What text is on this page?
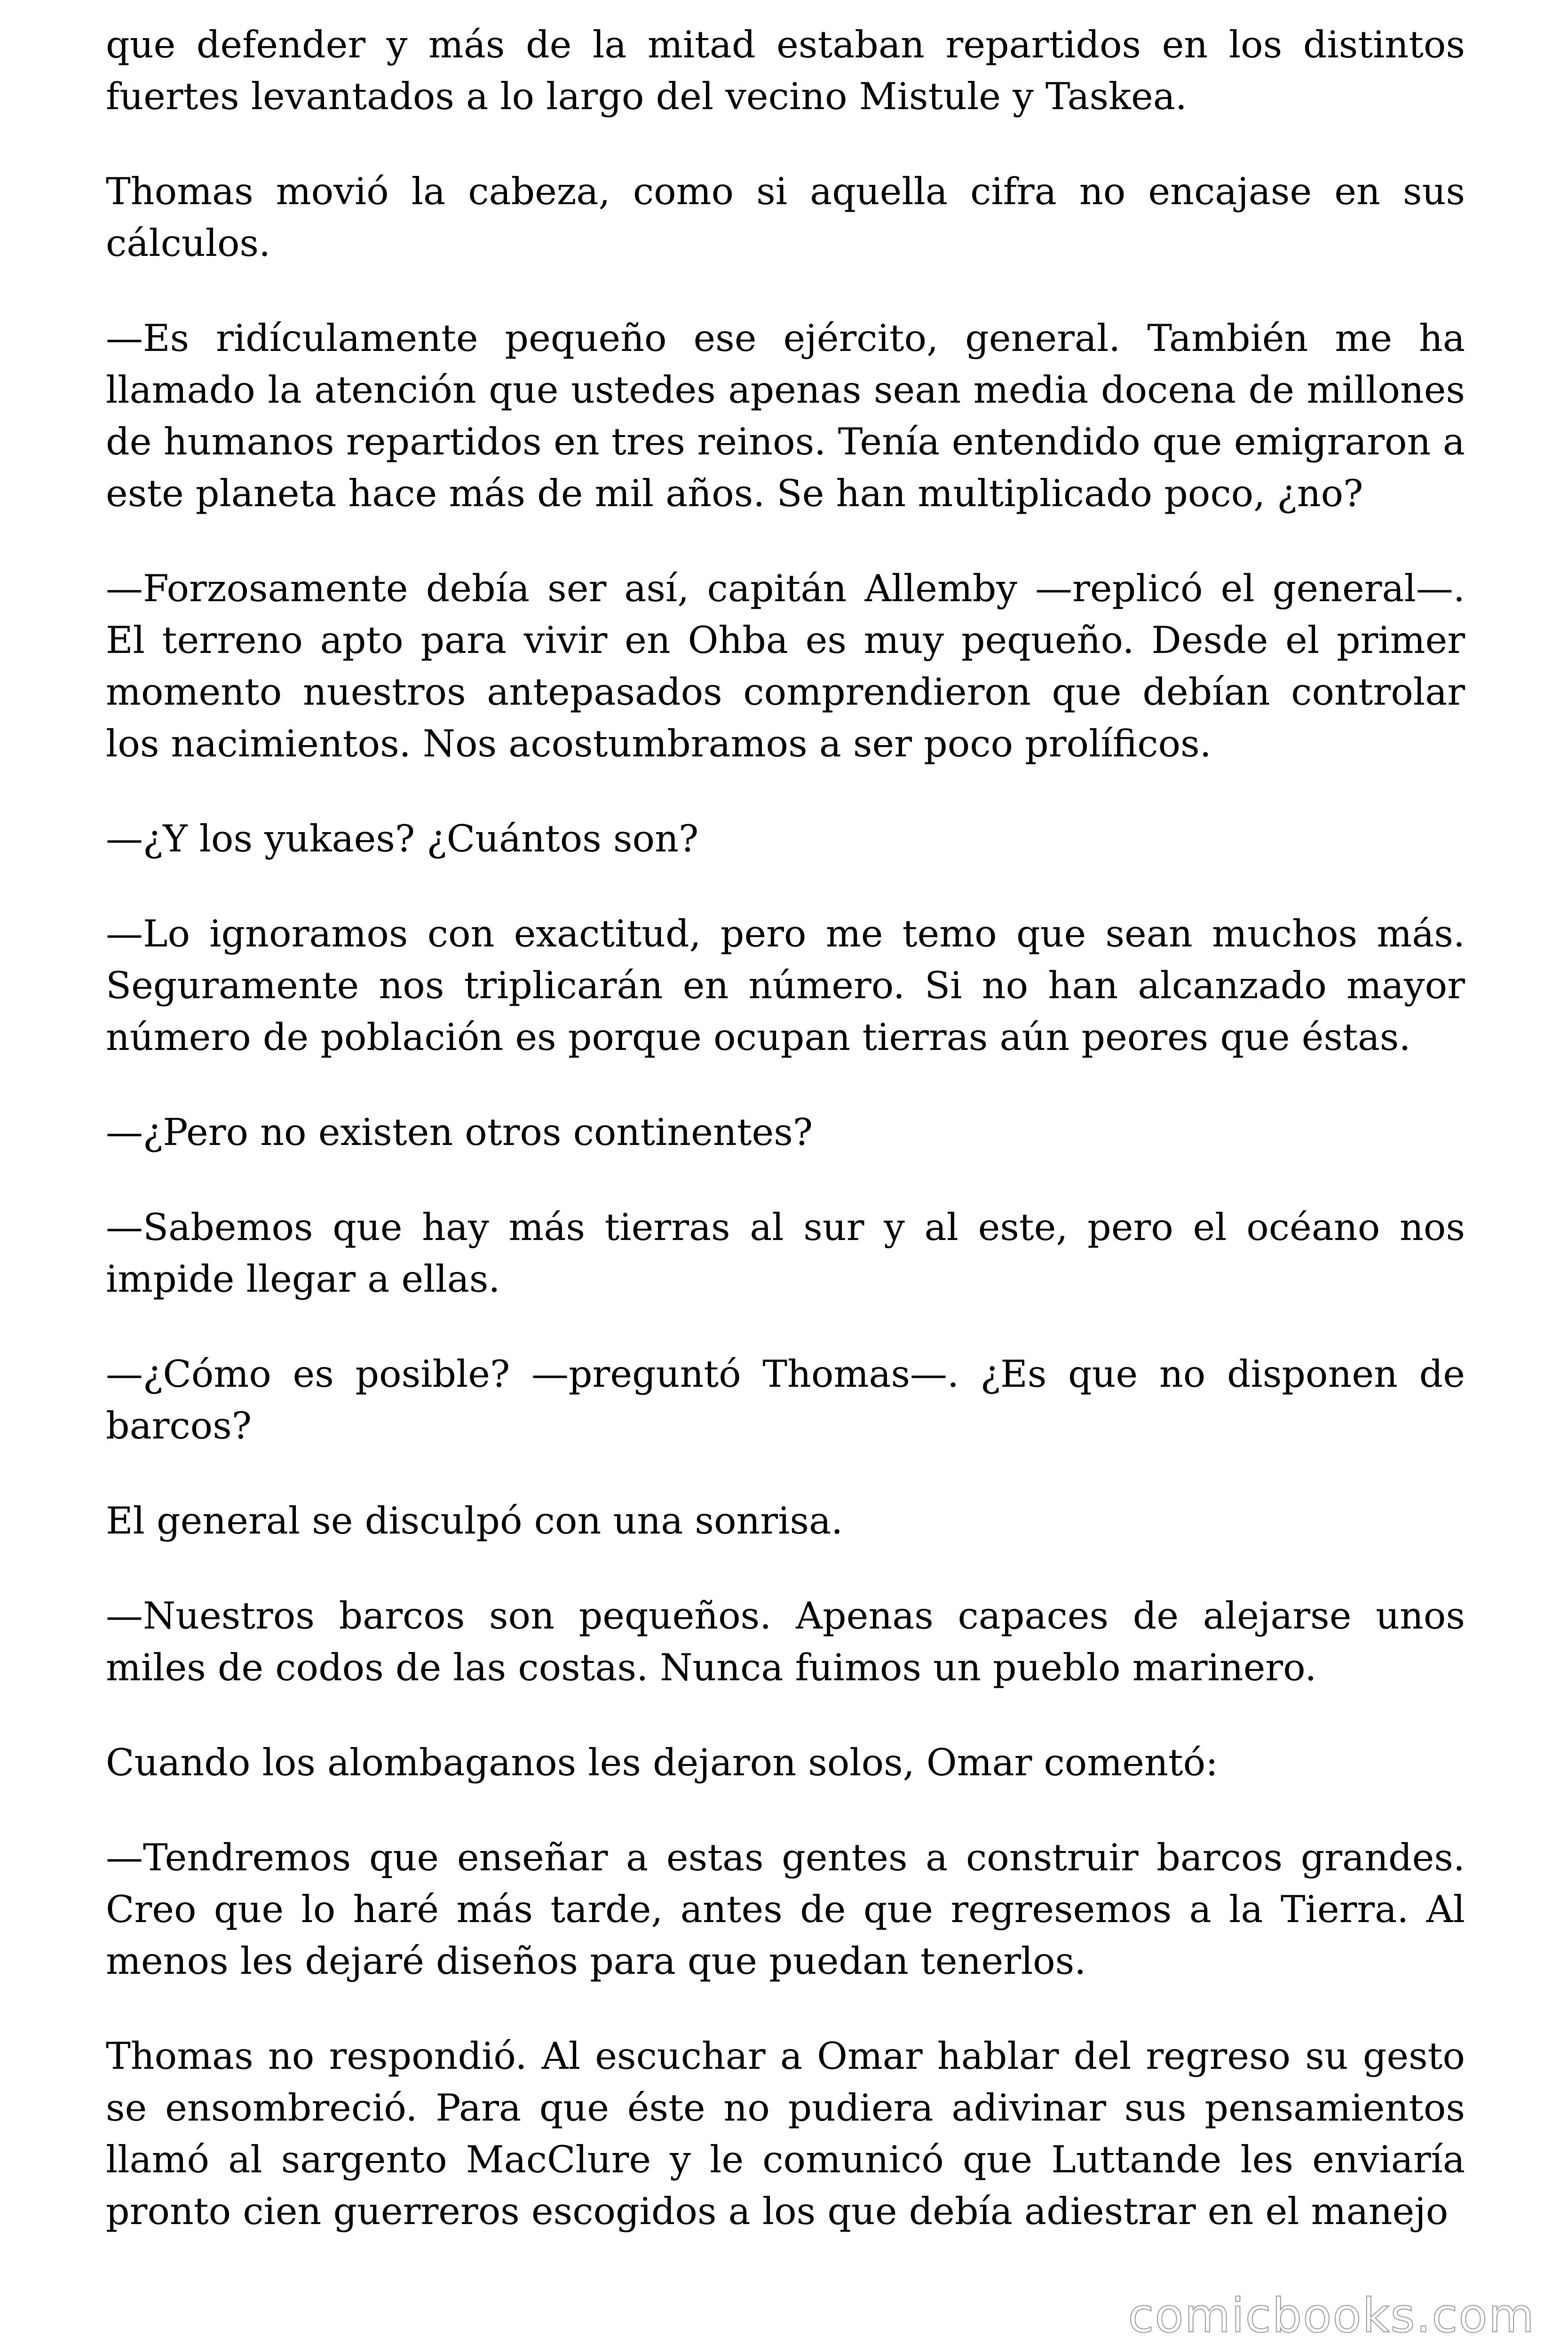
que defender y más de la mitad estaban repartidos en los distintos fuertes levantados a lo largo del vecino Mistule y Taskea.

Thomas movió la cabeza, como si aquella cifra no encajase en sus cálculos.

—Es ridículamente pequeño ese ejército, general. También me ha llamado la atención que ustedes apenas sean media docena de millones de humanos repartidos en tres reinos. Tenía entendido que emigraron a este planeta hace más de mil años. Se han multiplicado poco, ¿no?

—Forzosamente debía ser así, capitán Allemby —replicó el general—. El terreno apto para vivir en Ohba es muy pequeño. Desde el primer momento nuestros antepasados comprendieron que debían controlar los nacimientos. Nos acostumbramos a ser poco prolíficos.

—¿Y los yukaes? ¿Cuántos son?

—Lo ignoramos con exactitud, pero me temo que sean muchos más. Seguramente nos triplicarán en número. Si no han alcanzado mayor número de población es porque ocupan tierras aún peores que éstas.

—¿Pero no existen otros continentes?

—Sabemos que hay más tierras al sur y al este, pero el océano nos impide llegar a ellas.

—¿Cómo es posible? —preguntó Thomas—. ¿Es que no disponen de barcos?

El general se disculpó con una sonrisa.

—Nuestros barcos son pequeños. Apenas capaces de alejarse unos miles de codos de las costas. Nunca fuimos un pueblo marinero.

Cuando los alombaganos les dejaron solos, Omar comentó:

—Tendremos que enseñar a estas gentes a construir barcos grandes. Creo que lo haré más tarde, antes de que regresemos a la Tierra. Al menos les dejaré diseños para que puedan tenerlos.

Thomas no respondió. Al escuchar a Omar hablar del regreso su gesto se ensombreció. Para que éste no pudiera adivinar sus pensamientos llamó al sargento MacClure y le comunicó que Luttande les enviaría pronto cien guerreros escogidos a los que debía adiestrar en el manejo

comicbooks.com
